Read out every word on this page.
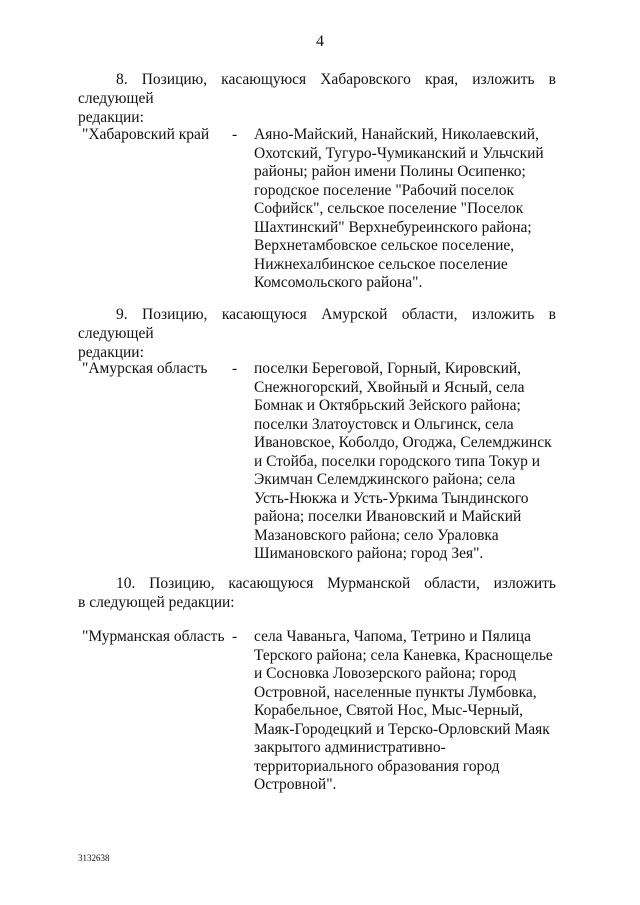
4
8. Позицию, касающуюся Хабаровского края, изложить в следующей
редакции:
"Хабаровский край - Аяно-Майский, Нанайский, Николаевский,
Охотский, Тугуро-Чумиканский и Ульчский
районы; район имени Полины Осипенко;
городское поселение "Рабочий поселок
Софийск", сельское поселение "Поселок
Шахтинский" Верхнебуреинского района;
Верхнетамбовское сельское поселение,
Нижнехалбинское сельское поселение
Комсомольского района".
9. Позицию, касающуюся Амурской области, изложить в следующей
редакции:
"Амурская область - поселки Береговой, Горный, Кировский,
Снежногорский, Хвойный и Ясный, села
Бомнак и Октябрьский Зейского района;
поселки Златоустовск и Ольгинск, села
Ивановское, Коболдо, Огоджа, Селемджинск
и Стойба, поселки городского типа Токур и
Экимчан Селемджинского района; села
Усть-Нюкжа и Усть-Уркима Тындинского
района; поселки Ивановский и Майский
Мазановского района; село Ураловка
Шимановского района; город Зея".
10. Позицию, касающуюся Мурманской области, изложить
в следующей редакции:
"Мурманская область - села Чаваньга, Чапома, Тетрино и Пялица
Терского района; села Каневка, Краснощелье
и Сосновка Ловозерского района; город
Островной, населенные пункты Лумбовка,
Корабельное, Святой Нос, Мыс-Черный,
Маяк-Городецкий и Терско-Орловский Маяк
закрытого административно-
территориального образования город
Островной".
3132638
